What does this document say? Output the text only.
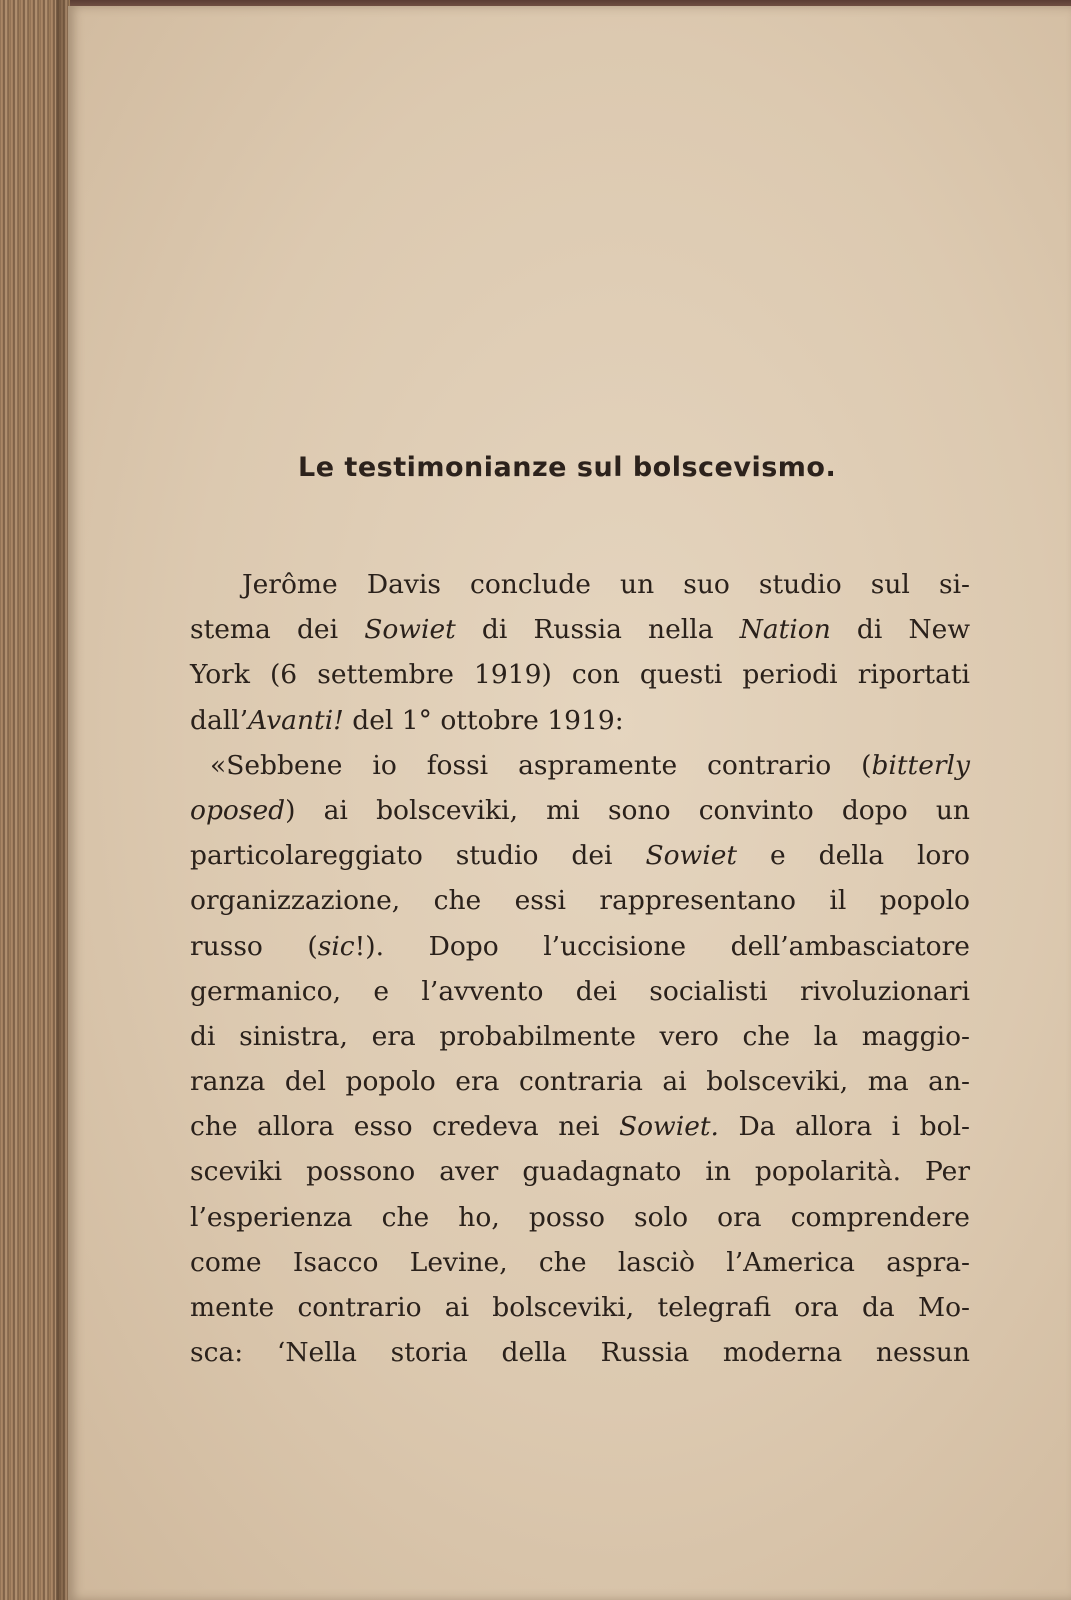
Le testimonianze sul bolscevismo.
Jerôme Davis conclude un suo studio sul si-
stema dei Sowiet di Russia nella Nation di New
York (6 settembre 1919) con questi periodi riportati
dall’Avanti! del 1° ottobre 1919:
«Sebbene io fossi aspramente contrario (bitterly
oposed) ai bolsceviki, mi sono convinto dopo un
particolareggiato studio dei Sowiet e della loro
organizzazione, che essi rappresentano il popolo
russo (sic!). Dopo l’uccisione dell’ambasciatore
germanico, e l’avvento dei socialisti rivoluzionari
di sinistra, era probabilmente vero che la maggio-
ranza del popolo era contraria ai bolsceviki, ma an-
che allora esso credeva nei Sowiet. Da allora i bol-
sceviki possono aver guadagnato in popolarità. Per
l’esperienza che ho, posso solo ora comprendere
come Isacco Levine, che lasciò l’America aspra-
mente contrario ai bolsceviki, telegrafi ora da Mo-
sca: ‘Nella storia della Russia moderna nessun
